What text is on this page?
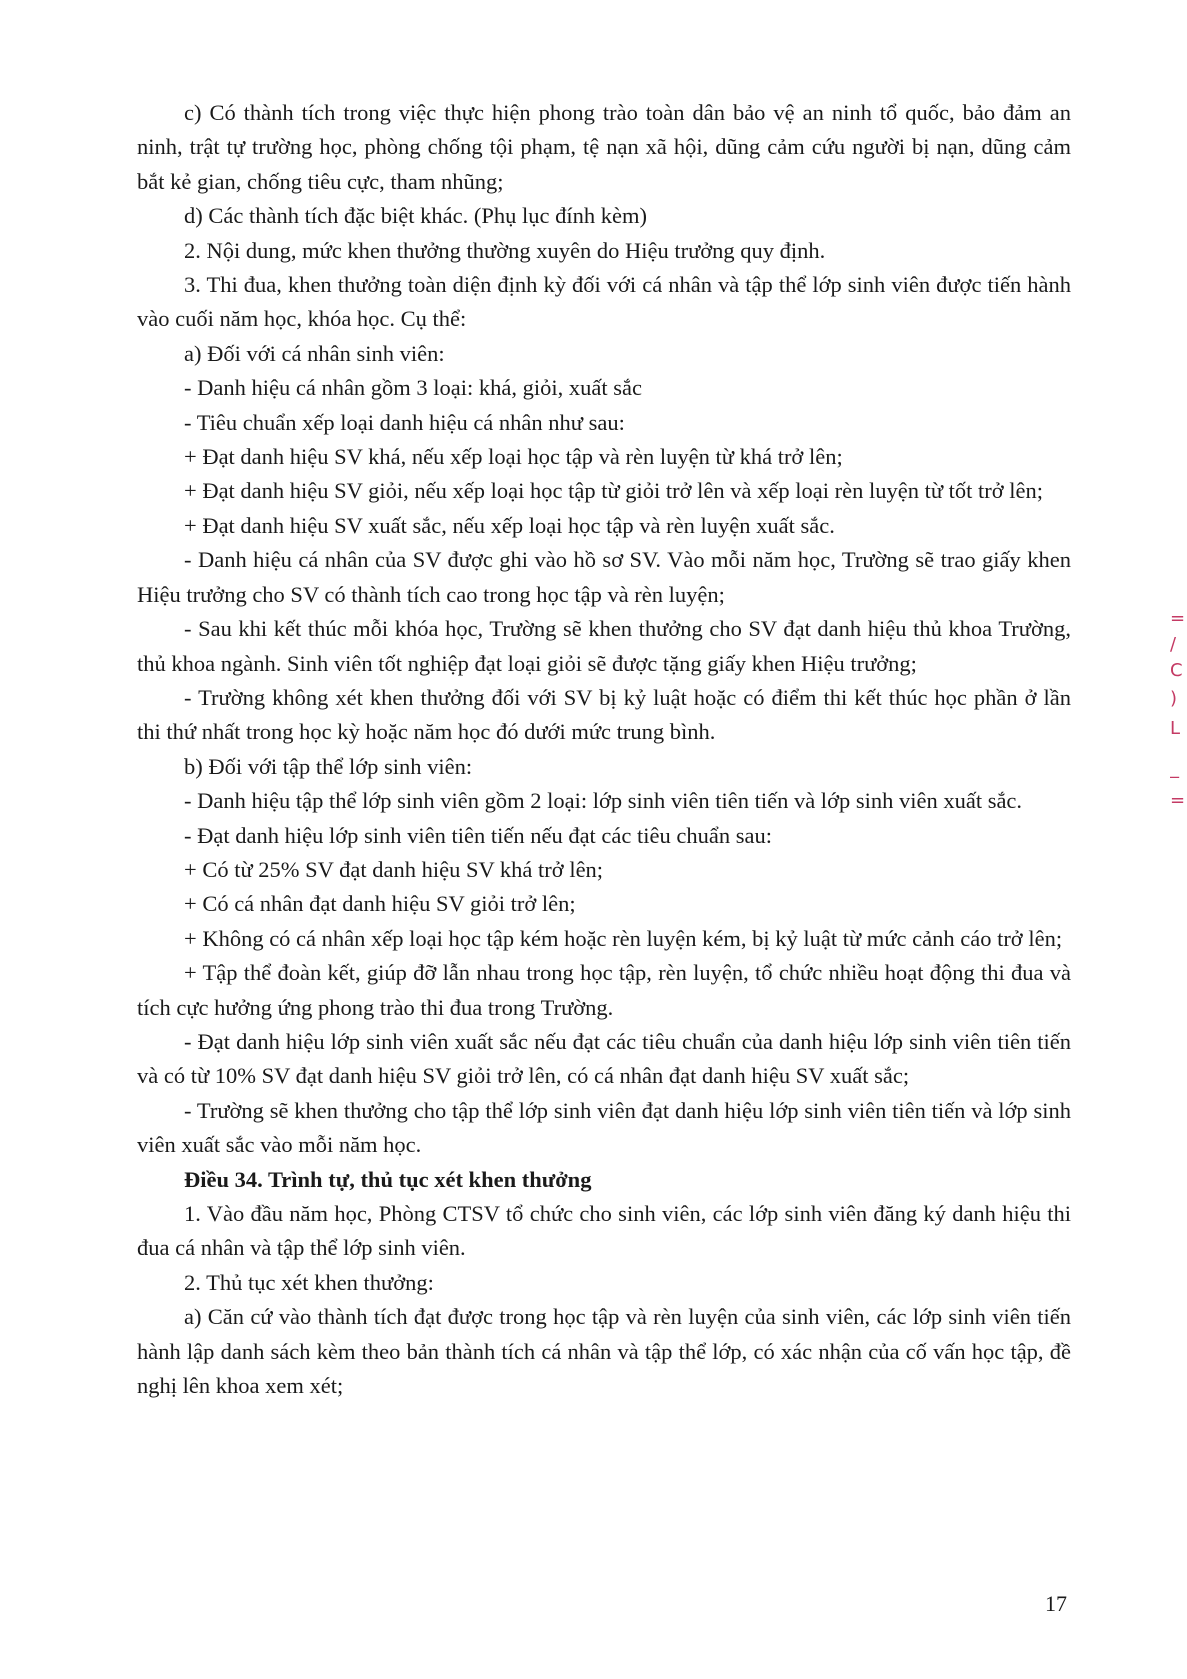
c) Có thành tích trong việc thực hiện phong trào toàn dân bảo vệ an ninh tổ quốc, bảo đảm an ninh, trật tự trường học, phòng chống tội phạm, tệ nạn xã hội, dũng cảm cứu người bị nạn, dũng cảm bắt kẻ gian, chống tiêu cực, tham nhũng;

d) Các thành tích đặc biệt khác. (Phụ lục đính kèm)

2. Nội dung, mức khen thưởng thường xuyên do Hiệu trưởng quy định.

3. Thi đua, khen thưởng toàn diện định kỳ đối với cá nhân và tập thể lớp sinh viên được tiến hành vào cuối năm học, khóa học. Cụ thể:

a) Đối với cá nhân sinh viên:

- Danh hiệu cá nhân gồm 3 loại: khá, giỏi, xuất sắc

- Tiêu chuẩn xếp loại danh hiệu cá nhân như sau:

+ Đạt danh hiệu SV khá, nếu xếp loại học tập và rèn luyện từ khá trở lên;

+ Đạt danh hiệu SV giỏi, nếu xếp loại học tập từ giỏi trở lên và xếp loại rèn luyện từ tốt trở lên;

+ Đạt danh hiệu SV xuất sắc, nếu xếp loại học tập và rèn luyện xuất sắc.

- Danh hiệu cá nhân của SV được ghi vào hồ sơ SV. Vào mỗi năm học, Trường sẽ trao giấy khen Hiệu trưởng cho SV có thành tích cao trong học tập và rèn luyện;

- Sau khi kết thúc mỗi khóa học, Trường sẽ khen thưởng cho SV đạt danh hiệu thủ khoa Trường, thủ khoa ngành. Sinh viên tốt nghiệp đạt loại giỏi sẽ được tặng giấy khen Hiệu trưởng;

- Trường không xét khen thưởng đối với SV bị kỷ luật hoặc có điểm thi kết thúc học phần ở lần thi thứ nhất trong học kỳ hoặc năm học đó dưới mức trung bình.

b) Đối với tập thể lớp sinh viên:

- Danh hiệu tập thể lớp sinh viên gồm 2 loại: lớp sinh viên tiên tiến và lớp sinh viên xuất sắc.

- Đạt danh hiệu lớp sinh viên tiên tiến nếu đạt các tiêu chuẩn sau:

+ Có từ 25% SV đạt danh hiệu SV khá trở lên;

+ Có cá nhân đạt danh hiệu SV giỏi trở lên;

+ Không có cá nhân xếp loại học tập kém hoặc rèn luyện kém, bị kỷ luật từ mức cảnh cáo trở lên;

+ Tập thể đoàn kết, giúp đỡ lẫn nhau trong học tập, rèn luyện, tổ chức nhiều hoạt động thi đua và tích cực hưởng ứng phong trào thi đua trong Trường.

- Đạt danh hiệu lớp sinh viên xuất sắc nếu đạt các tiêu chuẩn của danh hiệu lớp sinh viên tiên tiến và có từ 10% SV đạt danh hiệu SV giỏi trở lên, có cá nhân đạt danh hiệu SV xuất sắc;

- Trường sẽ khen thưởng cho tập thể lớp sinh viên đạt danh hiệu lớp sinh viên tiên tiến và lớp sinh viên xuất sắc vào mỗi năm học.

Điều 34. Trình tự, thủ tục xét khen thưởng

1. Vào đầu năm học, Phòng CTSV tổ chức cho sinh viên, các lớp sinh viên đăng ký danh hiệu thi đua cá nhân và tập thể lớp sinh viên.

2. Thủ tục xét khen thưởng:

a) Căn cứ vào thành tích đạt được trong học tập và rèn luyện của sinh viên, các lớp sinh viên tiến hành lập danh sách kèm theo bản thành tích cá nhân và tập thể lớp, có xác nhận của cố vấn học tập, đề nghị lên khoa xem xét;

17
=
/
C
)
L
_
=
